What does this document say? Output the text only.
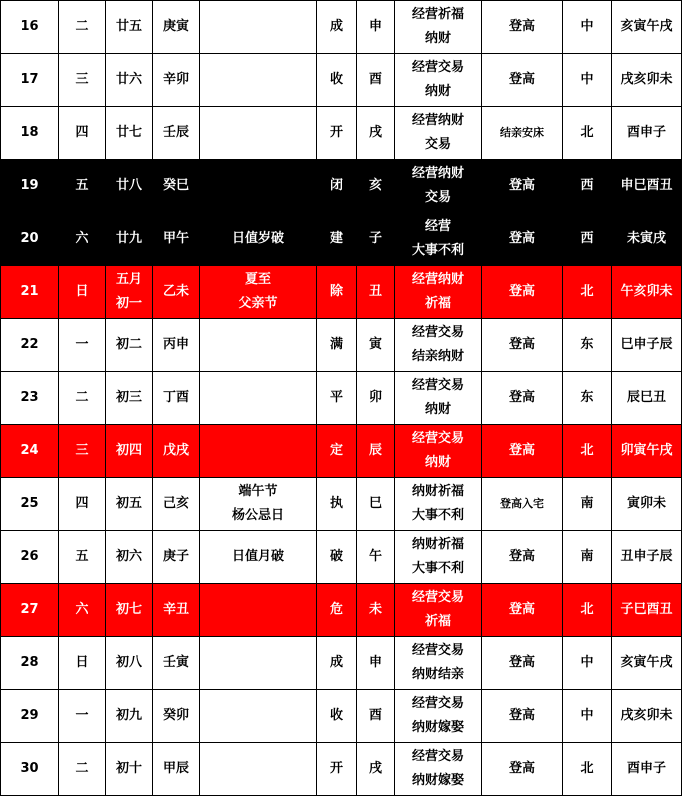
16	二	廿五	庚寅		成	申	经营祈福
纳财	登高	中	亥寅午戌
17	三	廿六	辛卯		收	酉	经营交易
纳财	登高	中	戌亥卯未
18	四	廿七	壬辰		开	戌	经营纳财
交易	结亲安床	北	酉申子
19	五	廿八	癸巳		闭	亥	经营纳财
交易	登高	西	申巳酉丑
20	六	廿九	甲午	日值岁破	建	子	经营
大事不利	登高	西	未寅戌
21	日	五月
初一	乙未	夏至
父亲节	除	丑	经营纳财
祈福	登高	北	午亥卯未
22	一	初二	丙申		满	寅	经营交易
结亲纳财	登高	东	巳申子辰
23	二	初三	丁酉		平	卯	经营交易
纳财	登高	东	辰巳丑
24	三	初四	戊戌		定	辰	经营交易
纳财	登高	北	卯寅午戌
25	四	初五	己亥	端午节
杨公忌日	执	巳	纳财祈福
大事不利	登高入宅	南	寅卯未
26	五	初六	庚子	日值月破	破	午	纳财祈福
大事不利	登高	南	丑申子辰
27	六	初七	辛丑		危	未	经营交易
祈福	登高	北	子巳酉丑
28	日	初八	壬寅		成	申	经营交易
纳财结亲	登高	中	亥寅午戌
29	一	初九	癸卯		收	酉	经营交易
纳财嫁娶	登高	中	戌亥卯未
30	二	初十	甲辰		开	戌	经营交易
纳财嫁娶	登高	北	酉申子
